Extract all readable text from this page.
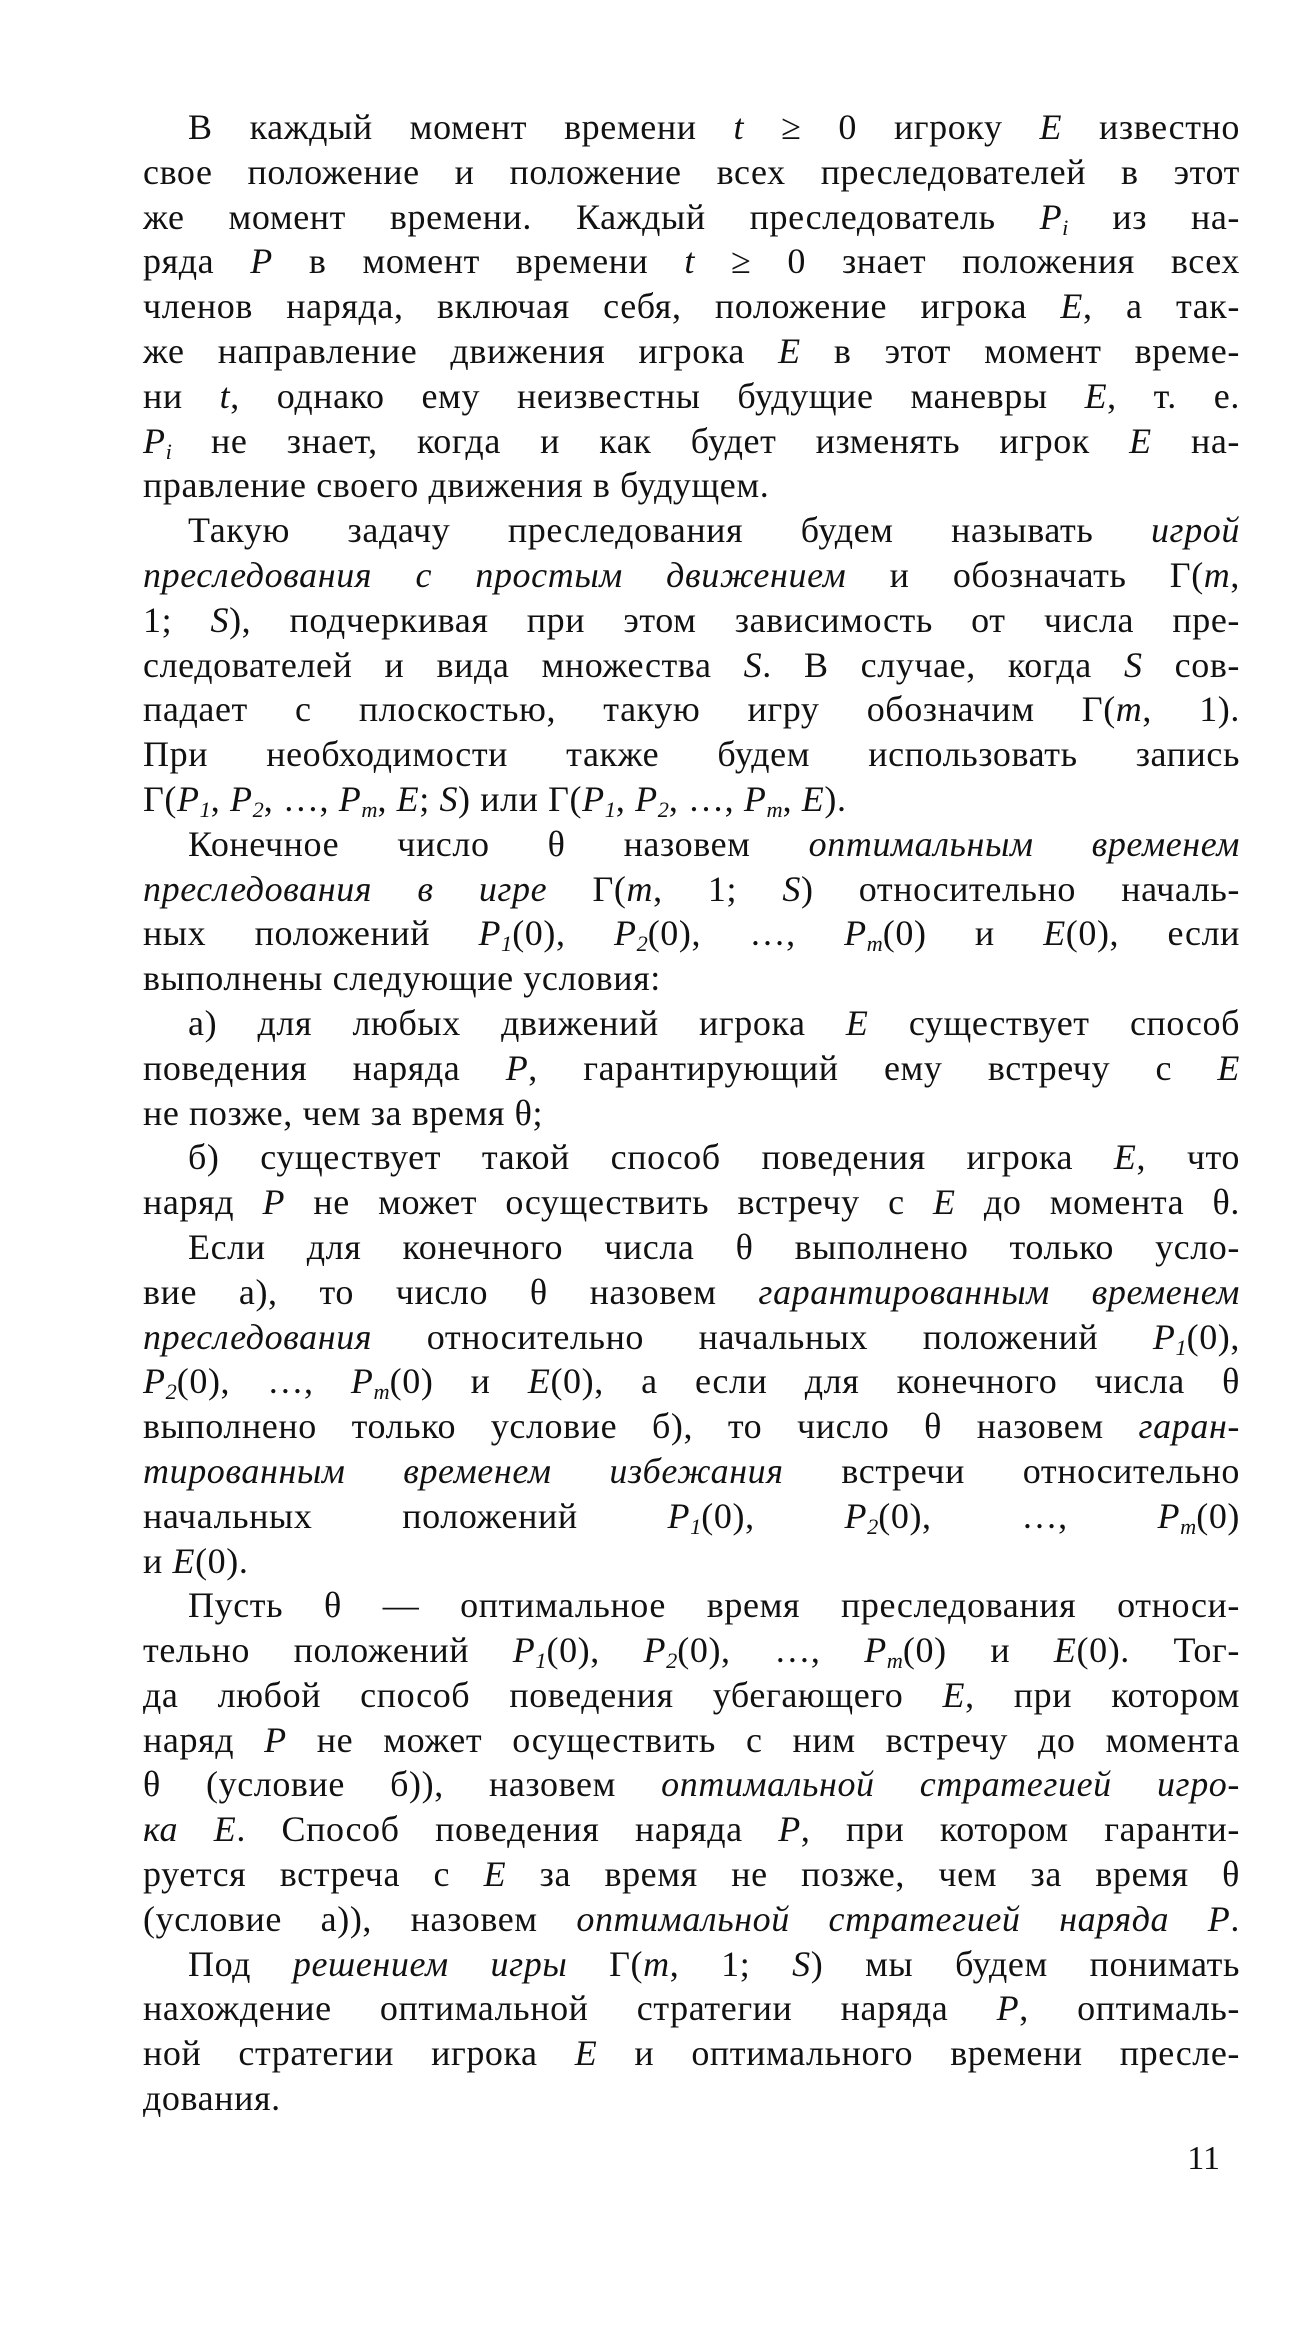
В каждый момент времени t ≥ 0 игроку E известно
свое положение и положение всех преследователей в этот
же момент времени. Каждый преследователь Pi из на-
ряда P в момент времени t ≥ 0 знает положения всех
членов наряда, включая себя, положение игрока E, а так-
же направление движения игрока E в этот момент време-
ни t, однако ему неизвестны будущие маневры E, т. е.
Pi не знает, когда и как будет изменять игрок E на-
правление своего движения в будущем.
Такую задачу преследования будем называть игрой
преследования с простым движением и обозначать Г(m,
1; S), подчеркивая при этом зависимость от числа пре-
следователей и вида множества S. В случае, когда S сов-
падает с плоскостью, такую игру обозначим Г(m, 1).
При необходимости также будем использовать запись
Г(P1, P2, …, Pm, E; S) или Г(P1, P2, …, Pm, E).
Конечное число θ назовем оптимальным временем
преследования в игре Г(m, 1; S) относительно началь-
ных положений P1(0), P2(0), …, Pm(0) и E(0), если
выполнены следующие условия:
а) для любых движений игрока E существует способ
поведения наряда P, гарантирующий ему встречу с E
не позже, чем за время θ;
б) существует такой способ поведения игрока E, что
наряд P не может осуществить встречу с E до момента θ.
Если для конечного числа θ выполнено только усло-
вие а), то число θ назовем гарантированным временем
преследования относительно начальных положений P1(0),
P2(0), …, Pm(0) и E(0), а если для конечного числа θ
выполнено только условие б), то число θ назовем гаран-
тированным временем избежания встречи относительно
начальных положений P1(0), P2(0), …, Pm(0)
и E(0).
Пусть θ — оптимальное время преследования относи-
тельно положений P1(0), P2(0), …, Pm(0) и E(0). Тог-
да любой способ поведения убегающего E, при котором
наряд P не может осуществить с ним встречу до момента
θ (условие б)), назовем оптимальной стратегией игро-
ка E. Способ поведения наряда P, при котором гаранти-
руется встреча с E за время не позже, чем за время θ
(условие а)), назовем оптимальной стратегией наряда P.
Под решением игры Г(m, 1; S) мы будем понимать
нахождение оптимальной стратегии наряда P, оптималь-
ной стратегии игрока E и оптимального времени пресле-
дования.
11
